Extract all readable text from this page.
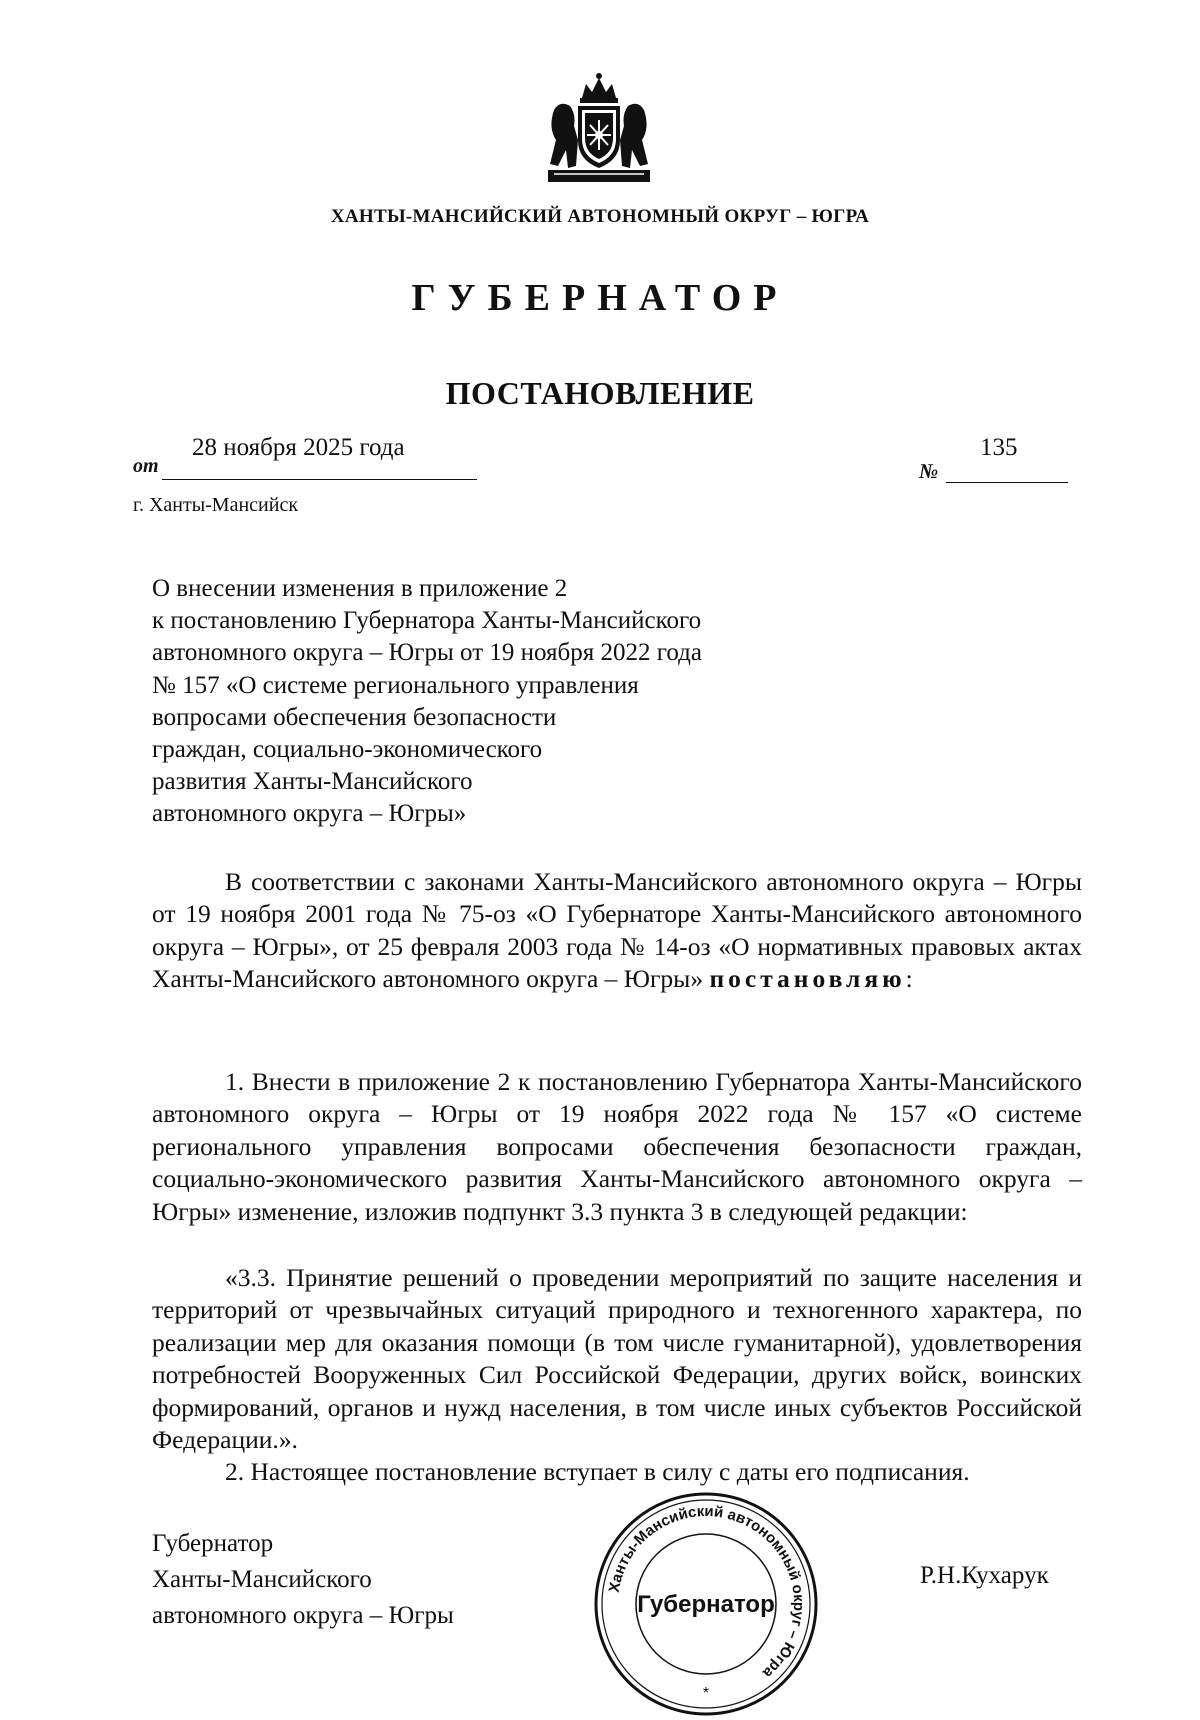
ХАНТЫ-МАНСИЙСКИЙ АВТОНОМНЫЙ ОКРУГ – ЮГРА
ГУБЕРНАТОР
ПОСТАНОВЛЕНИЕ
от
28 ноября 2025 года
№
135
г. Ханты-Мансийск
О внесении изменения в приложение 2
к постановлению Губернатора Ханты-Мансийского
автономного округа – Югры от 19 ноября 2022 года
№ 157 «О системе регионального управления
вопросами обеспечения безопасности
граждан, социально-экономического
развития Ханты-Мансийского
автономного округа – Югры»
В соответствии с законами Ханты-Мансийского автономного округа – Югры от 19 ноября 2001 года № 75-оз «О Губернаторе Ханты-Мансийского автономного округа – Югры», от 25 февраля 2003 года № 14-оз «О нормативных правовых актах Ханты-Мансийского автономного округа – Югры» постановляю:
1. Внести в приложение 2 к постановлению Губернатора Ханты-Мансийского автономного округа – Югры от 19 ноября 2022 года № 157 «О системе регионального управления вопросами обеспечения безопасности граждан, социально-экономического развития Ханты-Мансийского автономного округа – Югры» изменение, изложив подпункт 3.3 пункта 3 в следующей редакции:
«3.3. Принятие решений о проведении мероприятий по защите населения и территорий от чрезвычайных ситуаций природного и техногенного характера, по реализации мер для оказания помощи (в том числе гуманитарной), удовлетворения потребностей Вооруженных Сил Российской Федерации, других войск, воинских формирований, органов и нужд населения, в том числе иных субъектов Российской Федерации.».
2. Настоящее постановление вступает в силу с даты его подписания.
Губернатор
Ханты-Мансийского
автономного округа – Югры
Р.Н.Кухарук
Ханты-Мансийский автономный округ – Югра
Губернатор
*
